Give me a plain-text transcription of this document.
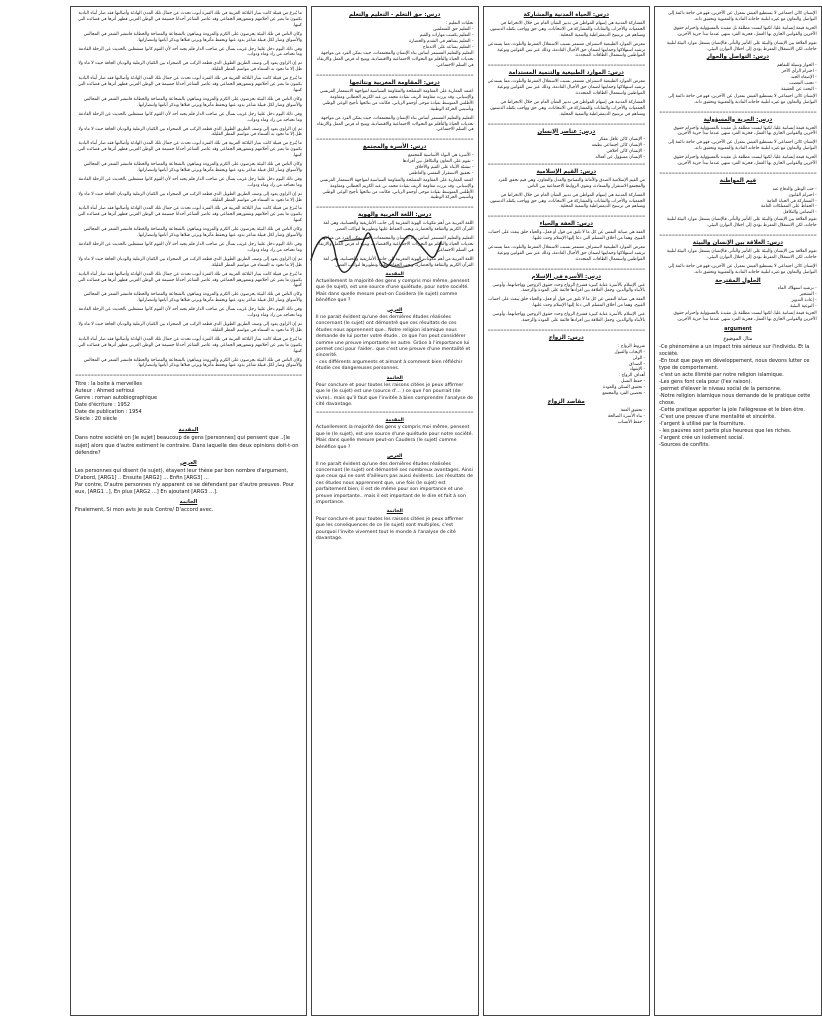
ما يُنزع من قبيلة كانت بتيار البلاغة العربية في تلك الفترة أيوب تحدث عن جمال تلك المدن الهادئة وأصالتها فقد صار أبناء البادية يكتبون ما يعبر عن أحلامهم وشعورهم الجماعي وقد عاصر الشاعر أحداثا جسيمة في الوطن العربي فظهر أثرها في قصائده التي كتبها.

وكان الناس في تلك البيئة يحرصون على الكرم والمروءة ويتباهون بالشجاعة والفصاحة والخطابة فانتشر الشعر في المجالس والأسواق وصار لكل قبيلة شاعر يذود عنها ويحفظ مآثرها ويرثي قتلاها ويذكر أيامها وانتصاراتها.

وفي ذلك اليوم دخل علينا رجل غريب يسأل عن صاحب الدار فلم يجبه أحد لأن القوم كانوا منشغلين بالحديث عن الرحلة القادمة وما تحتاجه من زاد وماء ودواب.

ثم إن الراوي يعود إلى وصف الطريق الطويل الذي قطعه الركب في الصحراء بين الكثبان الرملية والوديان الجافة حيث لا ماء ولا ظل إلا ما تجود به السماء في مواسم المطر القليلة.

ما يُنزع من قبيلة كانت بتيار البلاغة العربية في تلك الفترة أيوب تحدث عن جمال تلك المدن الهادئة وأصالتها فقد صار أبناء البادية يكتبون ما يعبر عن أحلامهم وشعورهم الجماعي وقد عاصر الشاعر أحداثا جسيمة في الوطن العربي فظهر أثرها في قصائده التي كتبها.

وكان الناس في تلك البيئة يحرصون على الكرم والمروءة ويتباهون بالشجاعة والفصاحة والخطابة فانتشر الشعر في المجالس والأسواق وصار لكل قبيلة شاعر يذود عنها ويحفظ مآثرها ويرثي قتلاها ويذكر أيامها وانتصاراتها.

وفي ذلك اليوم دخل علينا رجل غريب يسأل عن صاحب الدار فلم يجبه أحد لأن القوم كانوا منشغلين بالحديث عن الرحلة القادمة وما تحتاجه من زاد وماء ودواب.

ثم إن الراوي يعود إلى وصف الطريق الطويل الذي قطعه الركب في الصحراء بين الكثبان الرملية والوديان الجافة حيث لا ماء ولا ظل إلا ما تجود به السماء في مواسم المطر القليلة.

ما يُنزع من قبيلة كانت بتيار البلاغة العربية في تلك الفترة أيوب تحدث عن جمال تلك المدن الهادئة وأصالتها فقد صار أبناء البادية يكتبون ما يعبر عن أحلامهم وشعورهم الجماعي وقد عاصر الشاعر أحداثا جسيمة في الوطن العربي فظهر أثرها في قصائده التي كتبها.

وكان الناس في تلك البيئة يحرصون على الكرم والمروءة ويتباهون بالشجاعة والفصاحة والخطابة فانتشر الشعر في المجالس والأسواق وصار لكل قبيلة شاعر يذود عنها ويحفظ مآثرها ويرثي قتلاها ويذكر أيامها وانتصاراتها.

وفي ذلك اليوم دخل علينا رجل غريب يسأل عن صاحب الدار فلم يجبه أحد لأن القوم كانوا منشغلين بالحديث عن الرحلة القادمة وما تحتاجه من زاد وماء ودواب.

ثم إن الراوي يعود إلى وصف الطريق الطويل الذي قطعه الركب في الصحراء بين الكثبان الرملية والوديان الجافة حيث لا ماء ولا ظل إلا ما تجود به السماء في مواسم المطر القليلة.

ما يُنزع من قبيلة كانت بتيار البلاغة العربية في تلك الفترة أيوب تحدث عن جمال تلك المدن الهادئة وأصالتها فقد صار أبناء البادية يكتبون ما يعبر عن أحلامهم وشعورهم الجماعي وقد عاصر الشاعر أحداثا جسيمة في الوطن العربي فظهر أثرها في قصائده التي كتبها.

وكان الناس في تلك البيئة يحرصون على الكرم والمروءة ويتباهون بالشجاعة والفصاحة والخطابة فانتشر الشعر في المجالس والأسواق وصار لكل قبيلة شاعر يذود عنها ويحفظ مآثرها ويرثي قتلاها ويذكر أيامها وانتصاراتها.

وفي ذلك اليوم دخل علينا رجل غريب يسأل عن صاحب الدار فلم يجبه أحد لأن القوم كانوا منشغلين بالحديث عن الرحلة القادمة وما تحتاجه من زاد وماء ودواب.

ثم إن الراوي يعود إلى وصف الطريق الطويل الذي قطعه الركب في الصحراء بين الكثبان الرملية والوديان الجافة حيث لا ماء ولا ظل إلا ما تجود به السماء في مواسم المطر القليلة.

ما يُنزع من قبيلة كانت بتيار البلاغة العربية في تلك الفترة أيوب تحدث عن جمال تلك المدن الهادئة وأصالتها فقد صار أبناء البادية يكتبون ما يعبر عن أحلامهم وشعورهم الجماعي وقد عاصر الشاعر أحداثا جسيمة في الوطن العربي فظهر أثرها في قصائده التي كتبها.

وكان الناس في تلك البيئة يحرصون على الكرم والمروءة ويتباهون بالشجاعة والفصاحة والخطابة فانتشر الشعر في المجالس والأسواق وصار لكل قبيلة شاعر يذود عنها ويحفظ مآثرها ويرثي قتلاها ويذكر أيامها وانتصاراتها.

وفي ذلك اليوم دخل علينا رجل غريب يسأل عن صاحب الدار فلم يجبه أحد لأن القوم كانوا منشغلين بالحديث عن الرحلة القادمة وما تحتاجه من زاد وماء ودواب.

ثم إن الراوي يعود إلى وصف الطريق الطويل الذي قطعه الركب في الصحراء بين الكثبان الرملية والوديان الجافة حيث لا ماء ولا ظل إلا ما تجود به السماء في مواسم المطر القليلة.

ما يُنزع من قبيلة كانت بتيار البلاغة العربية في تلك الفترة أيوب تحدث عن جمال تلك المدن الهادئة وأصالتها فقد صار أبناء البادية يكتبون ما يعبر عن أحلامهم وشعورهم الجماعي وقد عاصر الشاعر أحداثا جسيمة في الوطن العربي فظهر أثرها في قصائده التي كتبها.

وكان الناس في تلك البيئة يحرصون على الكرم والمروءة ويتباهون بالشجاعة والفصاحة والخطابة فانتشر الشعر في المجالس والأسواق وصار لكل قبيلة شاعر يذود عنها ويحفظ مآثرها ويرثي قتلاها ويذكر أيامها وانتصاراتها.

========================================================================
Titre : la boite à merveilles
Auteur : Ahmed sefrioui
Genre : roman autobiographique
Date d'écriture : 1952
Date de publication : 1954
Siècle : 20 siècle
المقدمة
Dans notre société on [le sujet] beaucoup de gens [personnes] qui pensent que ..[le sujet] alors que d'autre estiment le contraire. Dans laquelle des deux opinions doit-t-on défendre?
العرض
Les personnes qui disent (le sujet), étayent leur thèse par bon nombre d'argument, D'abord, [ARG1] .. Ensuite [ARG2] ... Enfin [ARG3] ...
Par contre, D'autre personnes n'y apparent ce se défendant par d'autre preuves. Pour eux, [ARG1 ..], En plus [ARG2 ...] En ajoutant [ARG3 ...].
الخاتمة
Finalement, Si mon avis je suis Contre/ D'accord avec.
درس: حق التعلم - التعليم والتعلم
تجليات التعليم :
- التعليم حق للمتعلمين
- التعليم يكسب مهارات والقيم
- التعليم يساهم في التقدم والحضارة
- التعليم يساعد على الاندماج

التعليم والتعليم المستمر أساس بناء الإنسان والمجتمعات، حيث يمكن الفرد من مواجهة تحديات الحياة والتأقلم مع التحولات الاجتماعية والاقتصادية، ويتيح له فرص العمل والارتقاء في السلم الاجتماعي.

==================================================
درس: المقاومة المغربية ونتائجها

اعتمد المغاربة على المقاومة المسلحة والمقاومة السياسية لمواجهة الاستعمار الفرنسي والإسباني، وقد برزت مقاومة الريف بقيادة محمد بن عبد الكريم الخطابي ومقاومة الأطلس المتوسط بقيادة موحى أوحمو الزياني، فكانت من نتائجها تأجيج الوعي الوطني وتأسيس الحركة الوطنية.

التعليم والتعليم المستمر أساس بناء الإنسان والمجتمعات، حيث يمكن الفرد من مواجهة تحديات الحياة والتأقلم مع التحولات الاجتماعية والاقتصادية، ويتيح له فرص العمل والارتقاء في السلم الاجتماعي.

==================================================
درس: الأسرة والمجتمع
- الأسرة هي النواة الأساسية للمجتمع
- تقوم على التعاون والتكافل بين أفرادها
- تنشئة الأبناء على القيم والأخلاق
- تحقيق الاستقرار النفسي والعاطفي

اعتمد المغاربة على المقاومة المسلحة والمقاومة السياسية لمواجهة الاستعمار الفرنسي والإسباني، وقد برزت مقاومة الريف بقيادة محمد بن عبد الكريم الخطابي ومقاومة الأطلس المتوسط بقيادة موحى أوحمو الزياني، فكانت من نتائجها تأجيج الوعي الوطني وتأسيس الحركة الوطنية.

==================================================
درس: اللغة العربية والهوية

اللغة العربية من أهم مكونات الهوية المغربية إلى جانب الأمازيغية والحسانية، وهي لغة القرآن الكريم والثقافة والحضارة، ويجب الحفاظ عليها وتطويرها لتواكب العصر.

التعليم والتعليم المستمر أساس بناء الإنسان والمجتمعات، حيث يمكن الفرد من مواجهة تحديات الحياة والتأقلم مع التحولات الاجتماعية والاقتصادية، ويتيح له فرص العمل والارتقاء في السلم الاجتماعي.

اللغة العربية من أهم مكونات الهوية المغربية إلى جانب الأمازيغية والحسانية، وهي لغة القرآن الكريم والثقافة والحضارة، ويجب الحفاظ عليها وتطويرها لتواكب العصر.

المقدمة
Actuellement la majorité des gens y compris moi même, pensent que (le sujet), est une source d'une quiétude, pour notre société.
Mais dans quelle mesure peut-on Cosidera (le sujet) comme bénéfice que ?
العرض
Il ne parait évident qu'une des dernières études réalisées concernant (le sujet) ont démontré que ces résultats de ces études nous apprennent que.. Notre religion islamique nous demande de lui porter votre étude.. ce que l'on peut considérer comme une preuve importante en autre. Grâce à l'importance lui permet ceci pour l'aider.. que c'est une preuve d'une mentalité et sincerité.
- ces différents arguments et aimant à comment bien réfléchir étudie ces dangereuses personnes.
الخاتمة
Pour conclure et pour toutes les raisons citées je peux affirmer que le (le sujet) est une (source d'... ) ce que l'on pourrait (de vivre).. mais qu'il faut que l'invitée à bien comprendre l'analyse de cité davantage.
==================================================
المقدمة
Actuellement la majorité des gens y compris moi même, pensent que le (le sujet), est une source d'une quiétude pour notre société. Mais dans quelle mesure peut-on Caudera (le sujet) comme bénéfice que ?
العرض
Il ne paraît évident qu'une des dernières études réalisées concernant (le sujet) ont démontré ses nombreux avantages. Ainsi que ceux qui ne sont d'ailleurs pas aussi évidents. Les résultats de ces études nous apprennent que, une fois (le sujet) est parfaitement bien, il est de même pour son importance et une preuve importante.. mais il est important de le dire et fait à son importance.
الخاتمة
Pour conclure et pour toutes les raisons citées je peux affirmer que les conséquences de ce (le sujet) sont multiples, c'est pourquoi l'invite vivement tout le monde à l'analyse de cité davantage.
درس: الحياة المدنية والمشاركة

المشاركة المدنية هي إسهام المواطن في تدبير الشأن العام من خلال الانخراط في الجمعيات والأحزاب والنقابات والمشاركة في الانتخابات، وهي حق وواجب يكفله الدستور، وتساهم في ترسيخ الديمقراطية والتنمية المحلية.

تتعرض الموارد الطبيعية لاستنزاف مستمر بسبب الاستغلال المفرط والتلوث، مما يستدعي ترشيد استهلاكها وحمايتها لضمان حق الأجيال القادمة، وذلك عبر سن القوانين وتوعية المواطنين واستعمال الطاقات المتجددة.

==================================================
درس: الموارد الطبيعية والتنمية المستدامة

تتعرض الموارد الطبيعية لاستنزاف مستمر بسبب الاستغلال المفرط والتلوث، مما يستدعي ترشيد استهلاكها وحمايتها لضمان حق الأجيال القادمة، وذلك عبر سن القوانين وتوعية المواطنين واستعمال الطاقات المتجددة.

المشاركة المدنية هي إسهام المواطن في تدبير الشأن العام من خلال الانخراط في الجمعيات والأحزاب والنقابات والمشاركة في الانتخابات، وهي حق وواجب يكفله الدستور، وتساهم في ترسيخ الديمقراطية والتنمية المحلية.

==================================================
درس: عناصر الإنسان
- الإنسان كائن عاقل مفكر
- الإنسان كائن اجتماعي بطبعه
- الإنسان كائن أخلاقي
- الإنسان مسؤول عن أفعاله
==================================================
درس: القيم الإسلامية

من القيم الإسلامية الصدق والأمانة والتسامح والعدل والتعاون، وهي قيم تحقق للفرد والمجتمع الاستقرار والسعادة، وتقوي الروابط الاجتماعية بين الناس.

المشاركة المدنية هي إسهام المواطن في تدبير الشأن العام من خلال الانخراط في الجمعيات والأحزاب والنقابات والمشاركة في الانتخابات، وهي حق وواجب يكفله الدستور، وتساهم في ترسيخ الديمقراطية والتنمية المحلية.

==================================================
درس: العفة والحياء

العفة هي صيانة النفس عن كل ما لا يليق من قول أو فعل، والحياء خلق يبعث على اجتناب القبيح، وهما من أخلاق المسلم التي دعا إليها الإسلام وحث عليها.

تتعرض الموارد الطبيعية لاستنزاف مستمر بسبب الاستغلال المفرط والتلوث، مما يستدعي ترشيد استهلاكها وحمايتها لضمان حق الأجيال القادمة، وذلك عبر سن القوانين وتوعية المواطنين واستعمال الطاقات المتجددة.

==================================================
درس: الأسرة في الإسلام

عني الإسلام بالأسرة عناية كبيرة فشرع الزواج وحدد حقوق الزوجين وواجباتهما، وأوصى بالأبناء والوالدين، وجعل العلاقة بين أفرادها قائمة على المودة والرحمة.

العفة هي صيانة النفس عن كل ما لا يليق من قول أو فعل، والحياء خلق يبعث على اجتناب القبيح، وهما من أخلاق المسلم التي دعا إليها الإسلام وحث عليها.

عني الإسلام بالأسرة عناية كبيرة فشرع الزواج وحدد حقوق الزوجين وواجباتهما، وأوصى بالأبناء والوالدين، وجعل العلاقة بين أفرادها قائمة على المودة والرحمة.

==================================================
درس: الزواج
شروط الزواج :
- الإيجاب والقبول
- الولي
- الصداق
- الإشهاد
أهداف الزواج :
- حفظ النسل
- تحقيق السكن والمودة
- تحصين الفرد والمجتمع
مقاصد الزواج
- تحقيق العفة
- بناء الأسرة الصالحة
- حفظ الأنساب

الإنسان كائن اجتماعي لا يستطيع العيش بمعزل عن الآخرين، فهو في حاجة دائمة إلى التواصل والتعاون مع غيره لتلبية حاجاته المادية والمعنوية وتحقيق ذاته.

الحرية قيمة إنسانية عليا، لكنها ليست مطلقة بل مقيدة بالمسؤولية واحترام حقوق الآخرين والقوانين الجاري بها العمل، فحرية الفرد تنتهي عندما تبدأ حرية الآخرين.

تقوم العلاقة بين الإنسان والبيئة على التأثير والتأثر، فالإنسان يستغل موارد البيئة لتلبية حاجاته، لكن الاستغلال المفرط يؤدي إلى اختلال التوازن البيئي.

درس: التواصل والحوار
- الحوار وسيلة للتفاهم
- احترام الرأي الآخر
- الإصغاء الجيد
- تجنب التعصب
- البحث عن الحقيقة

الإنسان كائن اجتماعي لا يستطيع العيش بمعزل عن الآخرين، فهو في حاجة دائمة إلى التواصل والتعاون مع غيره لتلبية حاجاته المادية والمعنوية وتحقيق ذاته.

==================================================
درس: الحرية والمسؤولية

الحرية قيمة إنسانية عليا، لكنها ليست مطلقة بل مقيدة بالمسؤولية واحترام حقوق الآخرين والقوانين الجاري بها العمل، فحرية الفرد تنتهي عندما تبدأ حرية الآخرين.

الإنسان كائن اجتماعي لا يستطيع العيش بمعزل عن الآخرين، فهو في حاجة دائمة إلى التواصل والتعاون مع غيره لتلبية حاجاته المادية والمعنوية وتحقيق ذاته.

الحرية قيمة إنسانية عليا، لكنها ليست مطلقة بل مقيدة بالمسؤولية واحترام حقوق الآخرين والقوانين الجاري بها العمل، فحرية الفرد تنتهي عندما تبدأ حرية الآخرين.

==================================================
قيم المواطنة
- حب الوطن والدفاع عنه
- احترام القانون
- المشاركة في الحياة العامة
- الحفاظ على الممتلكات العامة
- التضامن والتكافل

تقوم العلاقة بين الإنسان والبيئة على التأثير والتأثر، فالإنسان يستغل موارد البيئة لتلبية حاجاته، لكن الاستغلال المفرط يؤدي إلى اختلال التوازن البيئي.

==================================================
درس: العلاقة بين الإنسان والبيئة

تقوم العلاقة بين الإنسان والبيئة على التأثير والتأثر، فالإنسان يستغل موارد البيئة لتلبية حاجاته، لكن الاستغلال المفرط يؤدي إلى اختلال التوازن البيئي.

الإنسان كائن اجتماعي لا يستطيع العيش بمعزل عن الآخرين، فهو في حاجة دائمة إلى التواصل والتعاون مع غيره لتلبية حاجاته المادية والمعنوية وتحقيق ذاته.

الحلول المقترحة
- ترشيد استهلاك الماء
- التشجير
- إعادة التدوير
- التوعية البيئية

الحرية قيمة إنسانية عليا، لكنها ليست مطلقة بل مقيدة بالمسؤولية واحترام حقوق الآخرين والقوانين الجاري بها العمل، فحرية الفرد تنتهي عندما تبدأ حرية الآخرين.

argument
مثال الموضوع
-Ce phénomène a un impact très sérieux sur l'individu. Et la société.
-En tout que pays en développement, nous devons lutter ce type de comportement.
-c'est un acte illimité par notre religion islamique.
-Les gens font cela pour (l'ex raison).
-permet d'élever le niveau social de la personne.
-Notre religion islamique nous demande de le pratique cette chose.
-Cette pratique apporter la joie l'allègresse et le bien être.
-C'est une preuve d'une mentalité et sincérité.
-l'argent à utilisé par la fourniture.
- les pauvres sont partis plus heureux que les riches.
-l'argent crée un isolement social.
-Sources de conflits.
